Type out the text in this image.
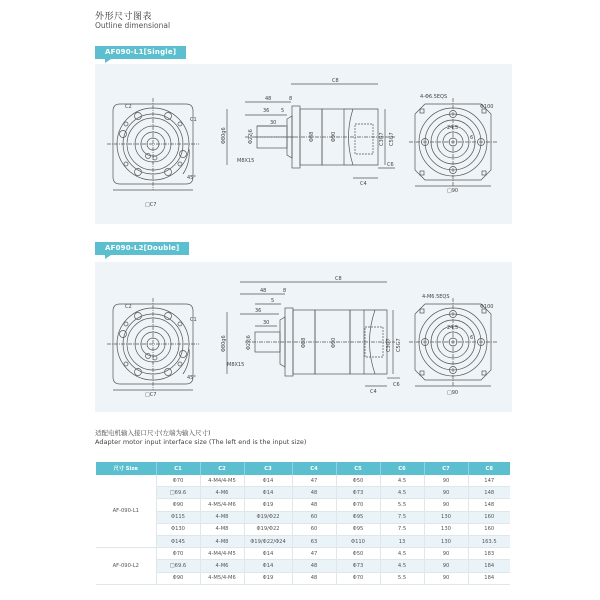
外形尺寸图表
Outline dimensional
AF090-L1[Single]
C2
C1
45°
□C7
C8
48	8
5
36
30
Φ80g6	Φ22j6
M8X15
Φ88	Φ90	C5G7
C3G7
C4
C6
4-Φ6.5EQS
Φ100
24.5
6
□90
AF090-L2[Double]
C2
C1
45°
□C7
C8
48	8
5
36
30
Φ80g6	Φ22j6
M8X15
Φ88	Φ90	C5G7
C3G7
C4
C6
4-M6.5EQS
Φ100
24.5
6
□90
适配电机输入接口尺寸(左端为输入尺寸)
Adapter motor input interface size (The left end is the input size)
尺寸 Size	C1	C2	C3	C4	C5	C6	C7	C8
AF-090-L1	Φ70	4-M4/4-M5	Φ14	47	Φ50	4.5	90	147
	□69.6	4-M6	Φ14	48	Φ73	4.5	90	148
	Φ90	4-M5/4-M6	Φ19	48	Φ70	5.5	90	148
	Φ115	4-M8	Φ19/Φ22	60	Φ95	7.5	130	160
	Φ130	4-M8	Φ19/Φ22	60	Φ95	7.5	130	160
	Φ145	4-M8	Φ19/Φ22/Φ24	63	Φ110	13	130	163.5
AF-090-L2	Φ70	4-M4/4-M5	Φ14	47	Φ50	4.5	90	183
	□69.6	4-M6	Φ14	48	Φ73	4.5	90	184
	Φ90	4-M5/4-M6	Φ19	48	Φ70	5.5	90	184
